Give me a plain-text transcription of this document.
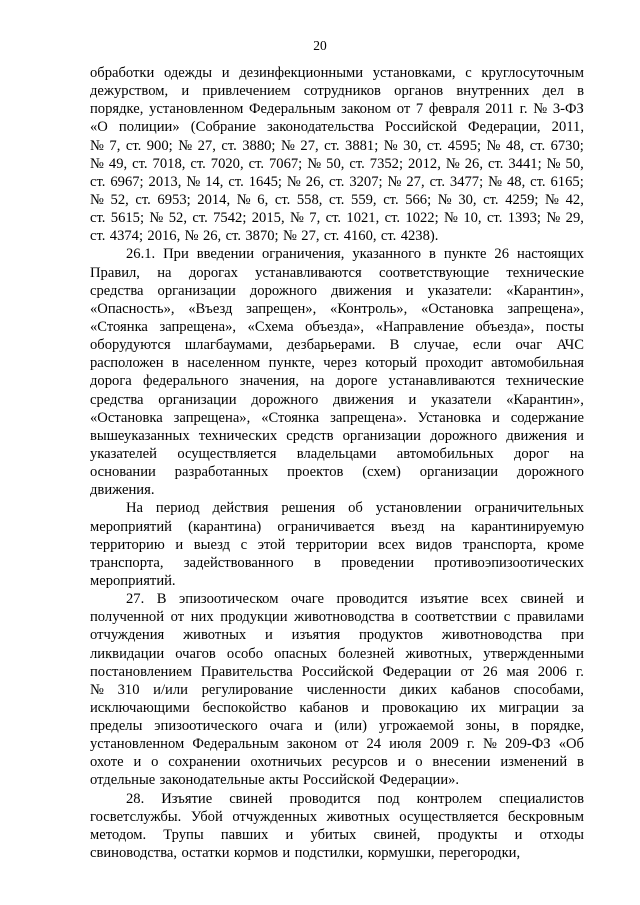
20
обработки одежды и дезинфекционными установками, с круглосуточным
дежурством, и привлечением сотрудников органов внутренних дел в
порядке, установленном Федеральным законом от 7 февраля 2011 г. № 3-ФЗ
«О полиции» (Собрание законодательства Российской Федерации, 2011,
№ 7, ст. 900; № 27, ст. 3880; № 27, ст. 3881; № 30, ст. 4595; № 48, ст. 6730;
№ 49, ст. 7018, ст. 7020, ст. 7067; № 50, ст. 7352; 2012, № 26, ст. 3441; № 50,
ст. 6967; 2013, № 14, ст. 1645; № 26, ст. 3207; № 27, ст. 3477; № 48, ст. 6165;
№ 52, ст. 6953; 2014, № 6, ст. 558, ст. 559, ст. 566; № 30, ст. 4259; № 42,
ст. 5615; № 52, ст. 7542; 2015, № 7, ст. 1021, ст. 1022; № 10, ст. 1393; № 29,
ст. 4374; 2016, № 26, ст. 3870; № 27, ст. 4160, ст. 4238).
26.1. При введении ограничения, указанного в пункте 26 настоящих
Правил, на дорогах устанавливаются соответствующие технические
средства организации дорожного движения и указатели: «Карантин»,
«Опасность», «Въезд запрещен», «Контроль», «Остановка запрещена»,
«Стоянка запрещена», «Схема объезда», «Направление объезда», посты
оборудуются шлагбаумами, дезбарьерами. В случае, если очаг АЧС
расположен в населенном пункте, через который проходит автомобильная
дорога федерального значения, на дороге устанавливаются технические
средства организации дорожного движения и указатели «Карантин»,
«Остановка запрещена», «Стоянка запрещена». Установка и содержание
вышеуказанных технических средств организации дорожного движения и
указателей осуществляется владельцами автомобильных дорог на
основании разработанных проектов (схем) организации дорожного
движения.
На период действия решения об установлении ограничительных
мероприятий (карантина) ограничивается въезд на карантинируемую
территорию и выезд с этой территории всех видов транспорта, кроме
транспорта, задействованного в проведении противоэпизоотических
мероприятий.
27. В эпизоотическом очаге проводится изъятие всех свиней и
полученной от них продукции животноводства в соответствии с правилами
отчуждения животных и изъятия продуктов животноводства при
ликвидации очагов особо опасных болезней животных, утвержденными
постановлением Правительства Российской Федерации от 26 мая 2006 г.
№ 310 и/или регулирование численности диких кабанов способами,
исключающими беспокойство кабанов и провокацию их миграции за
пределы эпизоотического очага и (или) угрожаемой зоны, в порядке,
установленном Федеральным законом от 24 июля 2009 г. № 209-ФЗ «Об
охоте и о сохранении охотничьих ресурсов и о внесении изменений в
отдельные законодательные акты Российской Федерации».
28. Изъятие свиней проводится под контролем специалистов
госветслужбы. Убой отчужденных животных осуществляется бескровным
методом. Трупы павших и убитых свиней, продукты и отходы
свиноводства, остатки кормов и подстилки, кормушки, перегородки,
